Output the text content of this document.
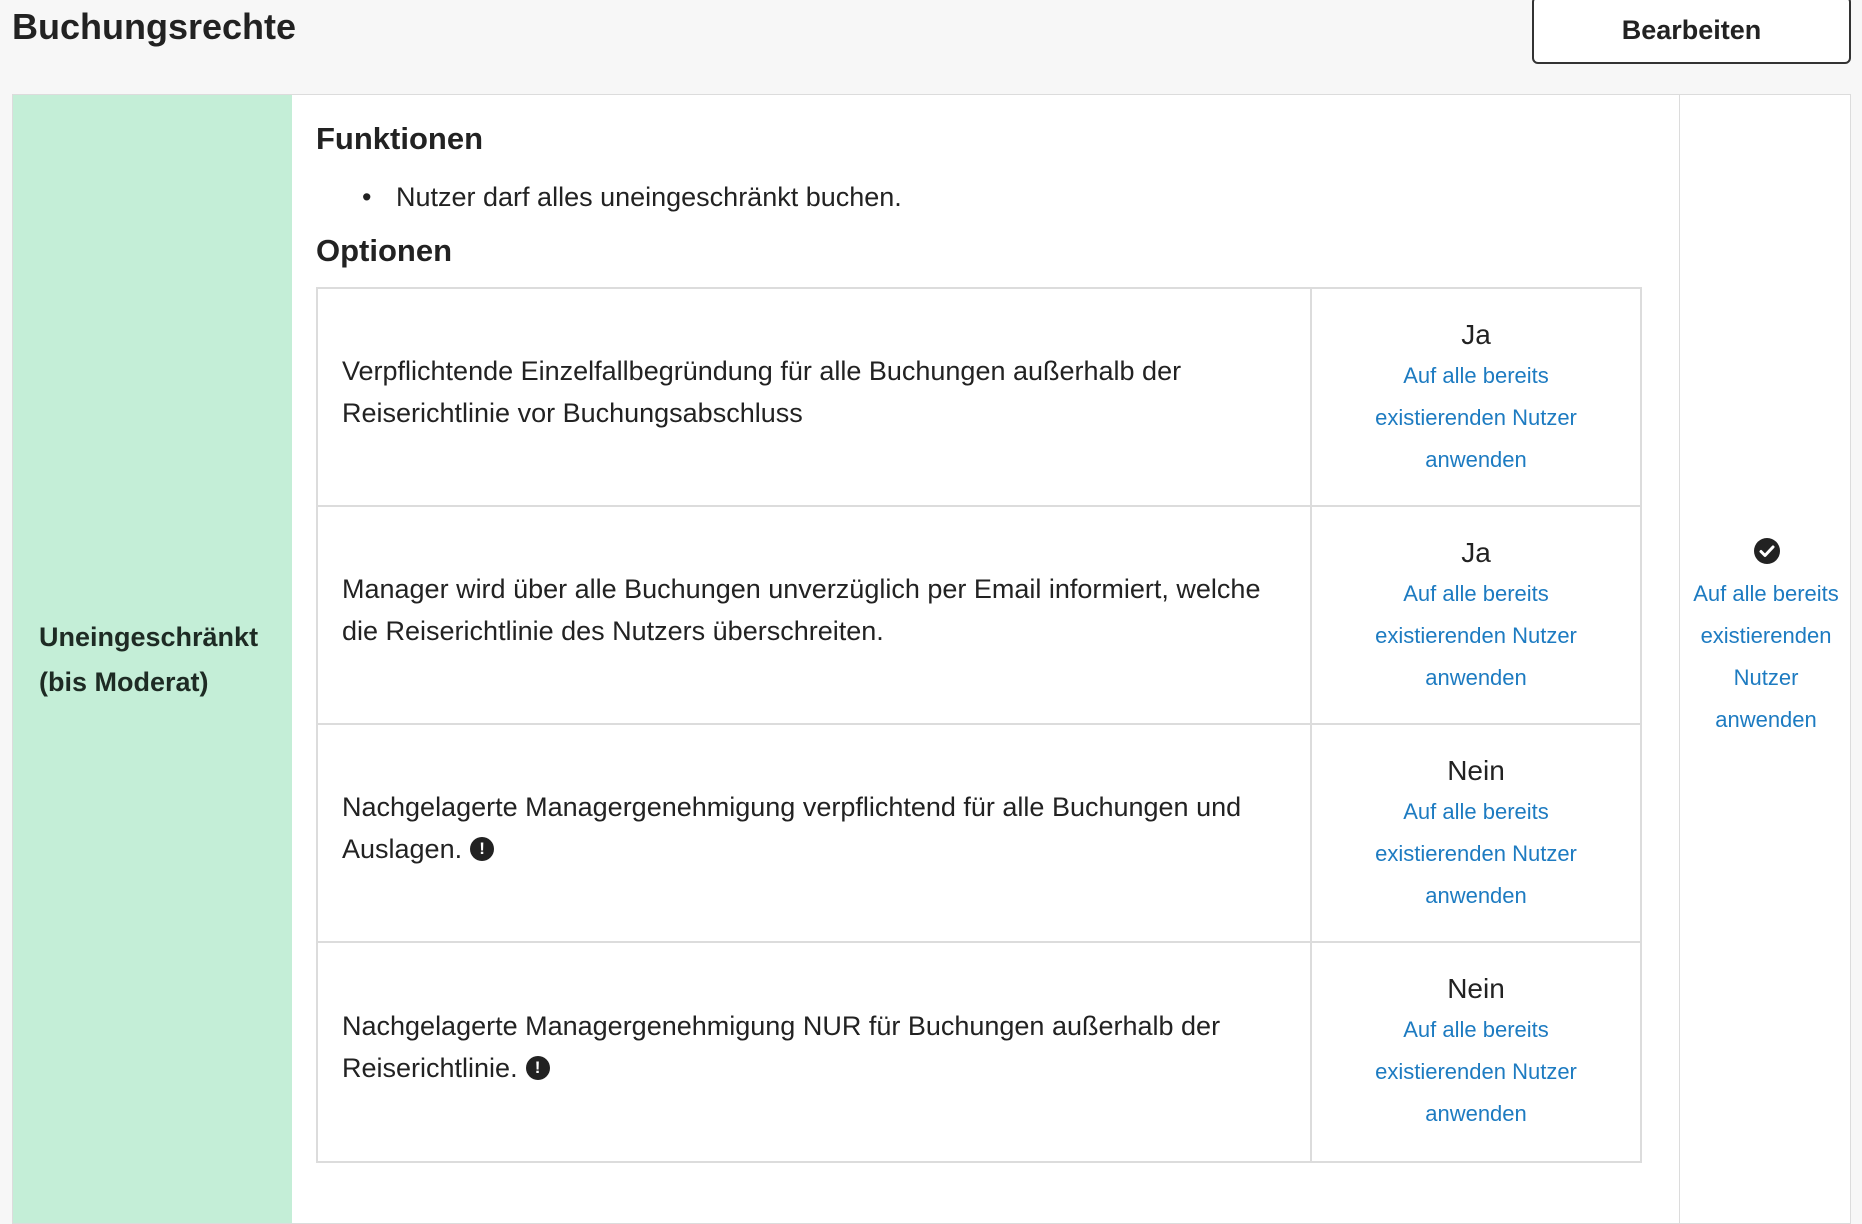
Buchungsrechte	Bearbeiten
Uneingeschränkt
(bis Moderat)
Funktionen
• Nutzer darf alles uneingeschränkt buchen.
Optionen
Verpflichtende Einzelfallbegründung für alle Buchungen außerhalb der Reiserichtlinie vor Buchungsabschluss
Ja
Auf alle bereits existierenden Nutzer anwenden
Manager wird über alle Buchungen unverzüglich per Email informiert, welche die Reiserichtlinie des Nutzers überschreiten.
Ja
Auf alle bereits existierenden Nutzer anwenden
Nachgelagerte Managergenehmigung verpflichtend für alle Buchungen und Auslagen. !
Nein
Auf alle bereits existierenden Nutzer anwenden
Nachgelagerte Managergenehmigung NUR für Buchungen außerhalb der Reiserichtlinie. !
Nein
Auf alle bereits existierenden Nutzer anwenden
Auf alle bereits existierenden Nutzer anwenden
